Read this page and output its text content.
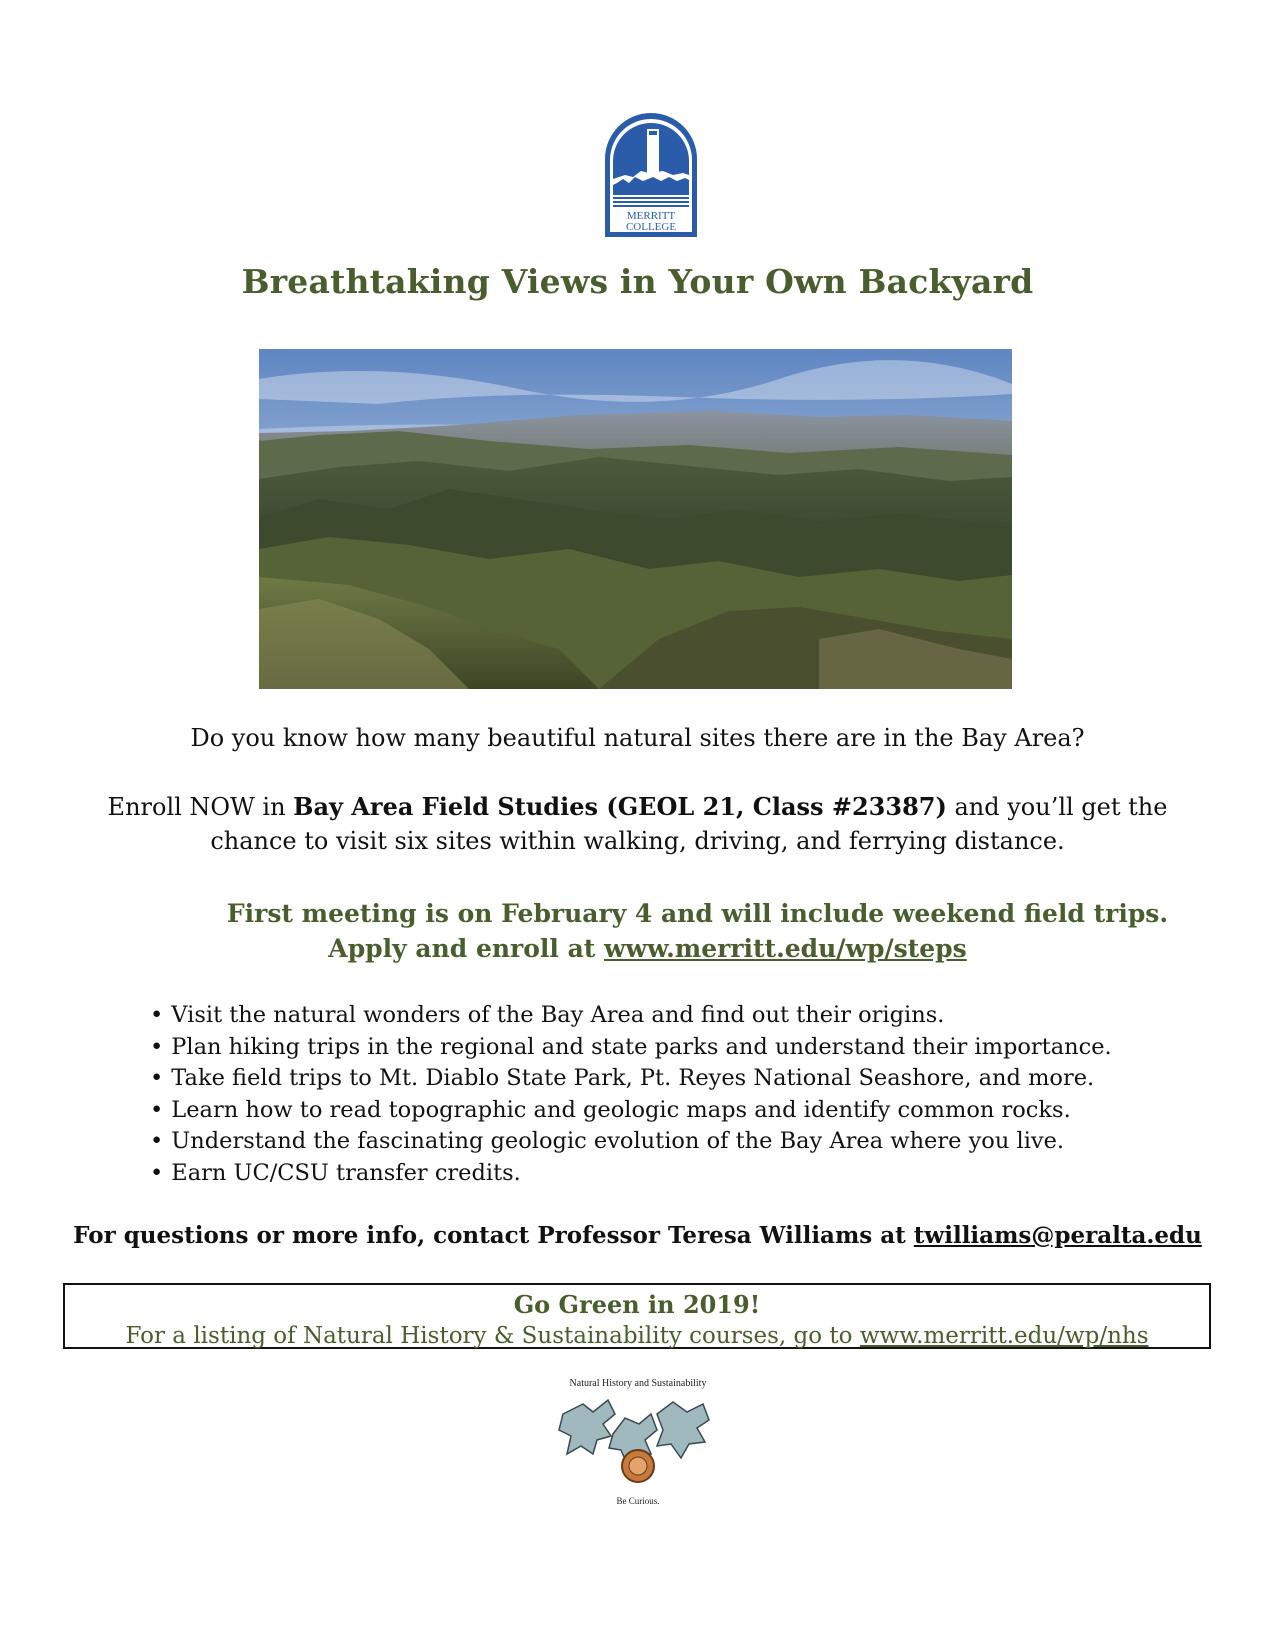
MERRITT
COLLEGE
Breathtaking Views in Your Own Backyard
Do you know how many beautiful natural sites there are in the Bay Area?
Enroll NOW in Bay Area Field Studies (GEOL 21, Class #23387) and you’ll get the
chance to visit six sites within walking, driving, and ferrying distance.
First meeting is on February 4 and will include weekend field trips.
Apply and enroll at www.merritt.edu/wp/steps
• Visit the natural wonders of the Bay Area and find out their origins.
• Plan hiking trips in the regional and state parks and understand their importance.
• Take field trips to Mt. Diablo State Park, Pt. Reyes National Seashore, and more.
• Learn how to read topographic and geologic maps and identify common rocks.
• Understand the fascinating geologic evolution of the Bay Area where you live.
• Earn UC/CSU transfer credits.
For questions or more info, contact Professor Teresa Williams at twilliams@peralta.edu
Go Green in 2019!
For a listing of Natural History & Sustainability courses, go to www.merritt.edu/wp/nhs
Natural History and Sustainability
Be Curious.
